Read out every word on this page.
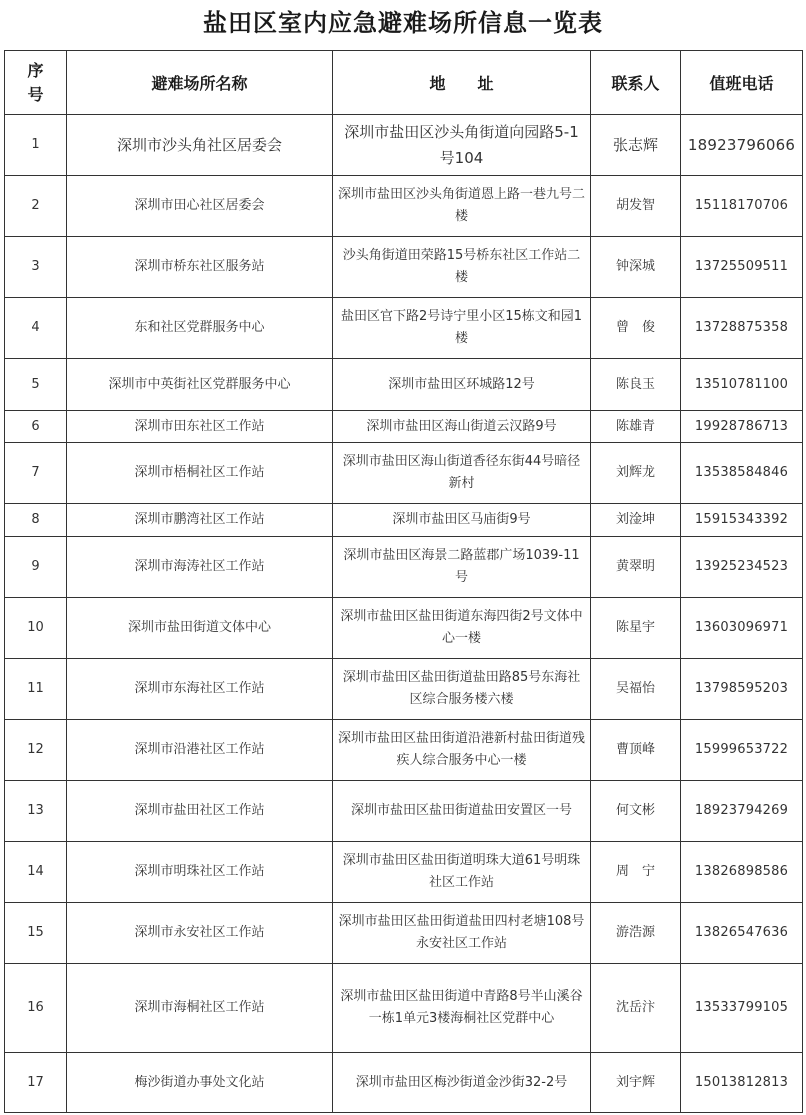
盐田区室内应急避难场所信息一览表
序
号	避难场所名称	地　　址	联系人	值班电话
1	深圳市沙头角社区居委会	深圳市盐田区沙头角街道向园路5-1号104	张志辉	18923796066
2	深圳市田心社区居委会	深圳市盐田区沙头角街道恩上路一巷九号二楼	胡发智	15118170706
3	深圳市桥东社区服务站	沙头角街道田荣路15号桥东社区工作站二楼	钟深城	13725509511
4	东和社区党群服务中心	盐田区官下路2号诗宁里小区15栋文和园1楼	曾　俊	13728875358
5	深圳市中英街社区党群服务中心	深圳市盐田区环城路12号	陈良玉	13510781100
6	深圳市田东社区工作站	深圳市盐田区海山街道云汉路9号	陈雄青	19928786713
7	深圳市梧桐社区工作站	深圳市盐田区海山街道香径东街44号暗径新村	刘辉龙	13538584846
8	深圳市鹏湾社区工作站	深圳市盐田区马庙街9号	刘淦坤	15915343392
9	深圳市海涛社区工作站	深圳市盐田区海景二路蓝郡广场1039-11号	黄翠明	13925234523
10	深圳市盐田街道文体中心	深圳市盐田区盐田街道东海四街2号文体中心一楼	陈星宇	13603096971
11	深圳市东海社区工作站	深圳市盐田区盐田街道盐田路85号东海社区综合服务楼六楼	吴福怡	13798595203
12	深圳市沿港社区工作站	深圳市盐田区盐田街道沿港新村盐田街道残疾人综合服务中心一楼	曹顶峰	15999653722
13	深圳市盐田社区工作站	深圳市盐田区盐田街道盐田安置区一号	何文彬	18923794269
14	深圳市明珠社区工作站	深圳市盐田区盐田街道明珠大道61号明珠社区工作站	周　宁	13826898586
15	深圳市永安社区工作站	深圳市盐田区盐田街道盐田四村老塘108号永安社区工作站	游浩源	13826547636
16	深圳市海桐社区工作站	深圳市盐田区盐田街道中青路8号半山溪谷一栋1单元3楼海桐社区党群中心	沈岳汴	13533799105
17	梅沙街道办事处文化站	深圳市盐田区梅沙街道金沙街32-2号	刘宇辉	15013812813
